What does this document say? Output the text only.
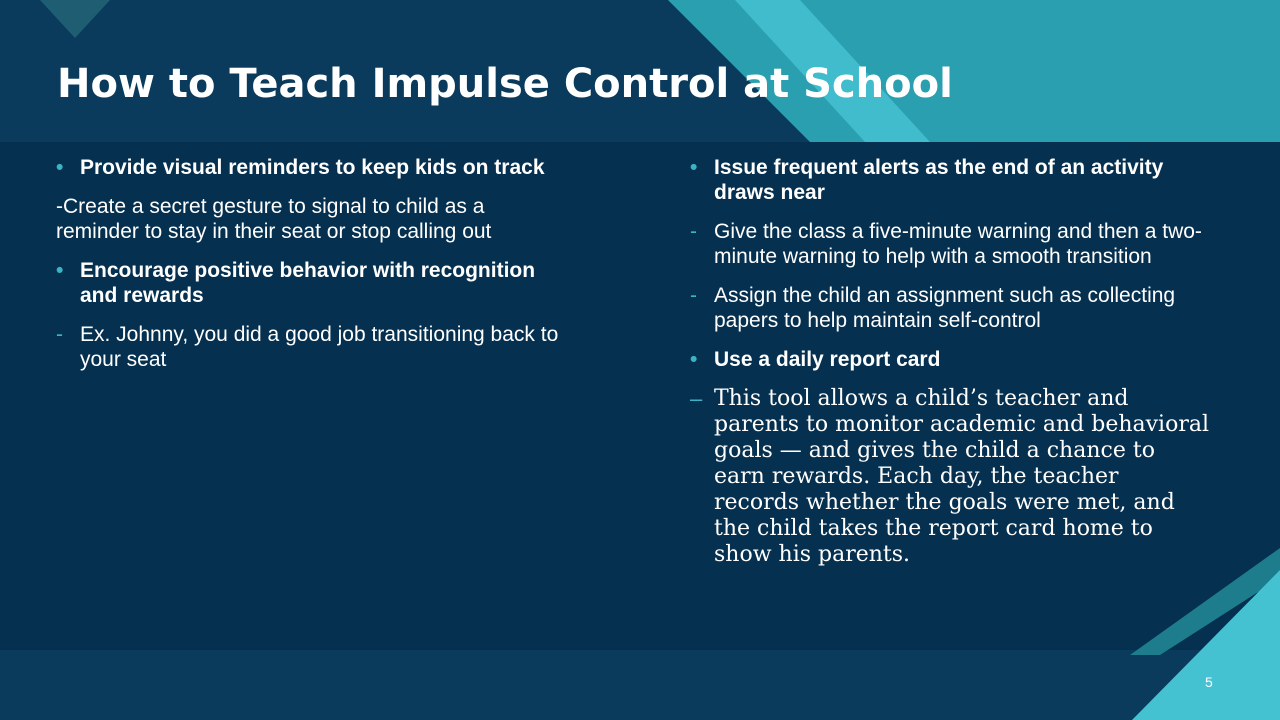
How to Teach Impulse Control at School
• Provide visual reminders to keep kids on track
-Create a secret gesture to signal to child as a reminder to stay in their seat or stop calling out
• Encourage positive behavior with recognition and rewards
- Ex. Johnny, you did a good job transitioning back to your seat
• Issue frequent alerts as the end of an activity draws near
- Give the class a five-minute warning and then a two-minute warning to help with a smooth transition
- Assign the child an assignment such as collecting papers to help maintain self-control
• Use a daily report card
– This tool allows a child’s teacher and parents to monitor academic and behavioral goals — and gives the child a chance to earn rewards. Each day, the teacher records whether the goals were met, and the child takes the report card home to show his parents.
5
